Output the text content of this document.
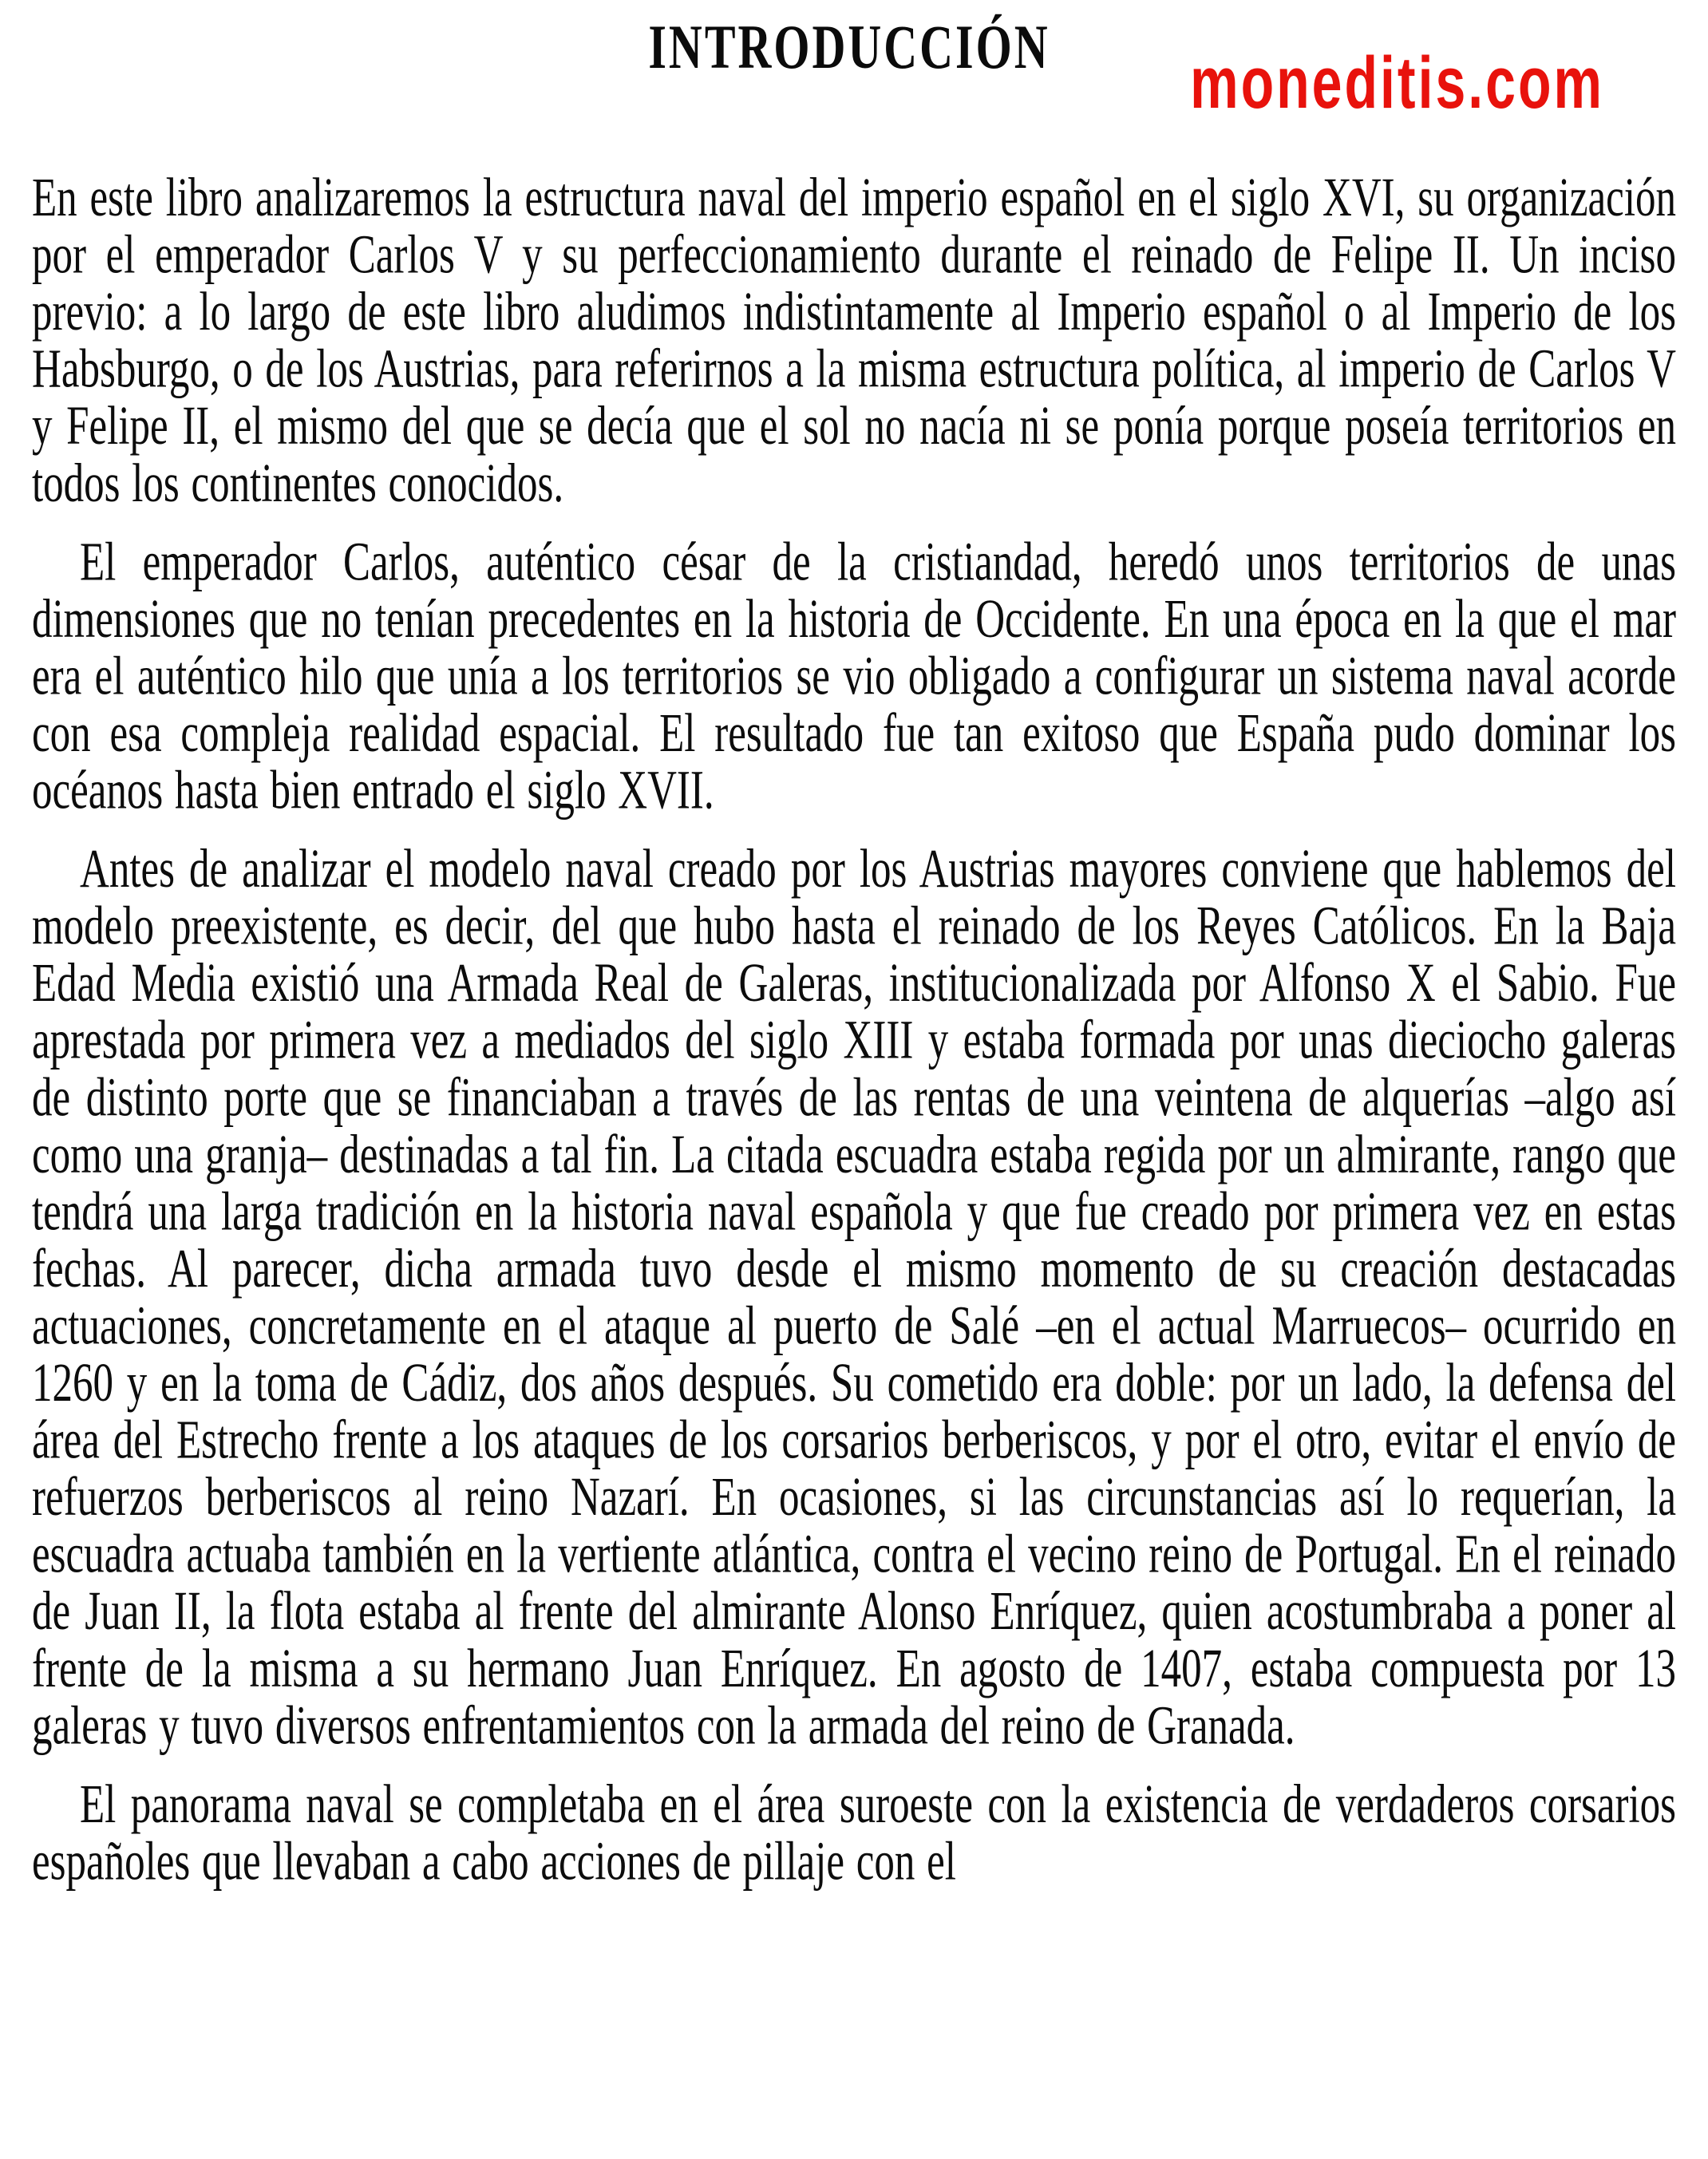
INTRODUCCIÓN	moneditis.com

En este libro analizaremos la estructura naval del imperio español en el siglo XVI, su organización por el emperador Carlos V y su perfeccionamiento durante el reinado de Felipe II. Un inciso previo: a lo largo de este libro aludimos indistintamente al Imperio español o al Imperio de los Habsburgo, o de los Austrias, para referirnos a la misma estructura política, al imperio de Carlos V y Felipe II, el mismo del que se decía que el sol no nacía ni se ponía porque poseía territorios en todos los continentes conocidos.

El emperador Carlos, auténtico césar de la cristiandad, heredó unos territorios de unas dimensiones que no tenían precedentes en la historia de Occidente. En una época en la que el mar era el auténtico hilo que unía a los territorios se vio obligado a configurar un sistema naval acorde con esa compleja realidad espacial. El resultado fue tan exitoso que España pudo dominar los océanos hasta bien entrado el siglo XVII.

Antes de analizar el modelo naval creado por los Austrias mayores conviene que hablemos del modelo preexistente, es decir, del que hubo hasta el reinado de los Reyes Católicos. En la Baja Edad Media existió una Armada Real de Galeras, institucionalizada por Alfonso X el Sabio. Fue aprestada por primera vez a mediados del siglo XIII y estaba formada por unas dieciocho galeras de distinto porte que se financiaban a través de las rentas de una veintena de alquerías –algo así como una granja– destinadas a tal fin. La citada escuadra estaba regida por un almirante, rango que tendrá una larga tradición en la historia naval española y que fue creado por primera vez en estas fechas. Al parecer, dicha armada tuvo desde el mismo momento de su creación destacadas actuaciones, concretamente en el ataque al puerto de Salé –en el actual Marruecos– ocurrido en 1260 y en la toma de Cádiz, dos años después. Su cometido era doble: por un lado, la defensa del área del Estrecho frente a los ataques de los corsarios berberiscos, y por el otro, evitar el envío de refuerzos berberiscos al reino Nazarí. En ocasiones, si las circunstancias así lo requerían, la escuadra actuaba también en la vertiente atlántica, contra el vecino reino de Portugal. En el reinado de Juan II, la flota estaba al frente del almirante Alonso Enríquez, quien acostumbraba a poner al frente de la misma a su hermano Juan Enríquez. En agosto de 1407, estaba compuesta por 13 galeras y tuvo diversos enfrentamientos con la armada del reino de Granada.

El panorama naval se completaba en el área suroeste con la existencia de verdaderos corsarios españoles que llevaban a cabo acciones de pillaje con el
